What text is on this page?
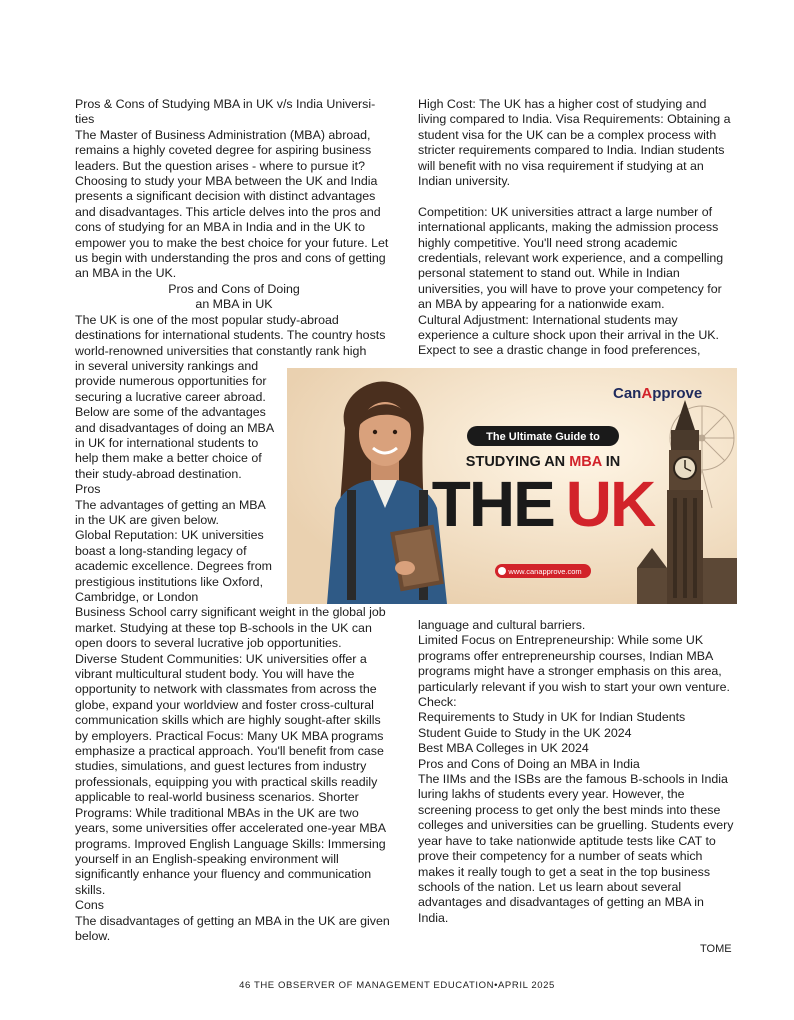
Pros & Cons of Studying MBA in UK v/s India Universi-
ties

The Master of Business Administration (MBA) abroad, remains a highly coveted degree for aspiring business leaders. But the question arises - where to pursue it? Choosing to study your MBA between the UK and India presents a significant decision with distinct advantages and disadvantages. This article delves into the pros and cons of studying for an MBA in India and in the UK to empower you to make the best choice for your future. Let us begin with understanding the pros and cons of getting an MBA in the UK.

Pros and Cons of Doing
an MBA in UK

The UK is one of the most popular study-abroad destinations for international students. The country hosts world-renowned universities that constantly rank high

in several university rankings and provide numerous opportunities for securing a lucrative career abroad. Below are some of the advantages and disadvantages of doing an MBA in UK for international students to help them make a better choice of their study-abroad destination.

Pros

The advantages of getting an MBA in the UK are given below.

Global Reputation: UK universities boast a long-standing legacy of academic excellence. Degrees from prestigious institutions like Oxford, Cambridge, or London

Business School carry significant weight in the global job market. Studying at these top B-schools in the UK can open doors to several lucrative job opportunities.

Diverse Student Communities: UK universities offer a vibrant multicultural student body. You will have the opportunity to network with classmates from across the globe, expand your worldview and foster cross-cultural communication skills which are highly sought-after skills by employers. Practical Focus: Many UK MBA programs emphasize a practical approach. You'll benefit from case studies, simulations, and guest lectures from industry professionals, equipping you with practical skills readily applicable to real-world business scenarios. Shorter Programs: While traditional MBAs in the UK are two years, some universities offer accelerated one-year MBA programs. Improved English Language Skills: Immersing yourself in an English-speaking environment will significantly enhance your fluency and communication skills.

Cons

The disadvantages of getting an MBA in the UK are given below.

High Cost: The UK has a higher cost of studying and living compared to India. Visa Requirements: Obtaining a student visa for the UK can be a complex process with stricter requirements compared to India. Indian students will benefit with no visa requirement if studying at an Indian university.

Competition: UK universities attract a large number of international applicants, making the admission process highly competitive. You'll need strong academic credentials, relevant work experience, and a compelling personal statement to stand out. While in Indian universities, you will have to prove your competency for an MBA by appearing for a nationwide exam.

Cultural Adjustment: International students may experience a culture shock upon their arrival in the UK. Expect to see a drastic change in food preferences,

CanApprove
The Ultimate Guide to
STUDYING AN MBA IN
THE UK
www.canapprove.com

language and cultural barriers.

Limited Focus on Entrepreneurship: While some UK programs offer entrepreneurship courses, Indian MBA programs might have a stronger emphasis on this area, particularly relevant if you wish to start your own venture.

Check:

Requirements to Study in UK for Indian Students

Student Guide to Study in the UK 2024

Best MBA Colleges in UK 2024

Pros and Cons of Doing an MBA in India

The IIMs and the ISBs are the famous B-schools in India luring lakhs of students every year. However, the screening process to get only the best minds into these colleges and universities can be gruelling. Students every year have to take nationwide aptitude tests like CAT to prove their competency for a number of seats which makes it really tough to get a seat in the top business schools of the nation. Let us learn about several advantages and disadvantages of getting an MBA in India.

TOME
46 THE OBSERVER OF MANAGEMENT EDUCATION•APRIL 2025
